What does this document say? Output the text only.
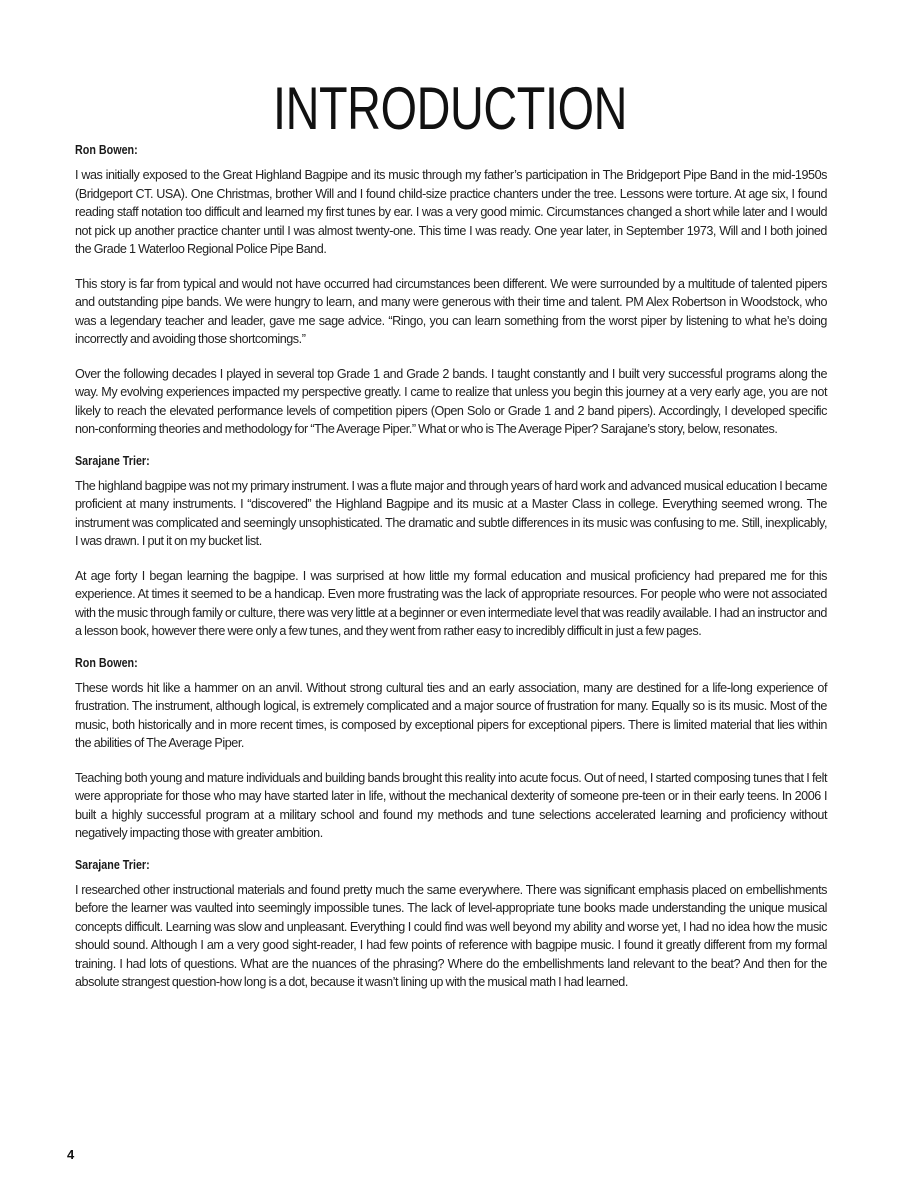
INTRODUCTION
Ron Bowen:

I was initially exposed to the Great Highland Bagpipe and its music through my father’s participation in The Bridgeport Pipe Band in the mid-1950s (Bridgeport CT. USA). One Christmas, brother Will and I found child-size practice chanters under the tree. Lessons were torture. At age six, I found reading staff notation too difficult and learned my first tunes by ear. I was a very good mimic. Circumstances changed a short while later and I would not pick up another practice chanter until I was almost twenty-one. This time I was ready. One year later, in September 1973, Will and I both joined the Grade 1 Waterloo Regional Police Pipe Band.

This story is far from typical and would not have occurred had circumstances been different. We were surrounded by a multitude of talented pipers and outstanding pipe bands. We were hungry to learn, and many were generous with their time and talent. PM Alex Robertson in Woodstock, who was a legendary teacher and leader, gave me sage advice. “Ringo, you can learn something from the worst piper by listening to what he’s doing incorrectly and avoiding those shortcomings.”

Over the following decades I played in several top Grade 1 and Grade 2 bands. I taught constantly and I built very successful programs along the way. My evolving experiences impacted my perspective greatly. I came to realize that unless you begin this journey at a very early age, you are not likely to reach the elevated performance levels of competition pipers (Open Solo or Grade 1 and 2 band pipers). Accordingly, I developed specific non-conforming theories and methodology for “The Average Piper.” What or who is The Average Piper? Sarajane’s story, below, resonates.

Sarajane Trier:

The highland bagpipe was not my primary instrument. I was a flute major and through years of hard work and advanced musical education I became proficient at many instruments. I “discovered” the Highland Bagpipe and its music at a Master Class in college. Everything seemed wrong. The instrument was complicated and seemingly unsophisticated. The dramatic and subtle differences in its music was confusing to me. Still, inexplicably, I was drawn. I put it on my bucket list.

At age forty I began learning the bagpipe. I was surprised at how little my formal education and musical proficiency had prepared me for this experience. At times it seemed to be a handicap. Even more frustrating was the lack of appropriate resources. For people who were not associated with the music through family or culture, there was very little at a beginner or even intermediate level that was readily available. I had an instructor and a lesson book, however there were only a few tunes, and they went from rather easy to incredibly difficult in just a few pages.

Ron Bowen:

These words hit like a hammer on an anvil. Without strong cultural ties and an early association, many are destined for a life-long experience of frustration. The instrument, although logical, is extremely complicated and a major source of frustration for many. Equally so is its music. Most of the music, both historically and in more recent times, is composed by exceptional pipers for exceptional pipers. There is limited material that lies within the abilities of The Average Piper.

Teaching both young and mature individuals and building bands brought this reality into acute focus. Out of need, I started composing tunes that I felt were appropriate for those who may have started later in life, without the mechanical dexterity of someone pre-teen or in their early teens. In 2006 I built a highly successful program at a military school and found my methods and tune selections accelerated learning and proficiency without negatively impacting those with greater ambition.

Sarajane Trier:

I researched other instructional materials and found pretty much the same everywhere. There was significant emphasis placed on embellishments before the learner was vaulted into seemingly impossible tunes. The lack of level-appropriate tune books made understanding the unique musical concepts difficult. Learning was slow and unpleasant. Everything I could find was well beyond my ability and worse yet, I had no idea how the music should sound. Although I am a very good sight-reader, I had few points of reference with bagpipe music. I found it greatly different from my formal training. I had lots of questions. What are the nuances of the phrasing? Where do the embellishments land relevant to the beat? And then for the absolute strangest question-how long is a dot, because it wasn’t lining up with the musical math I had learned.

4
